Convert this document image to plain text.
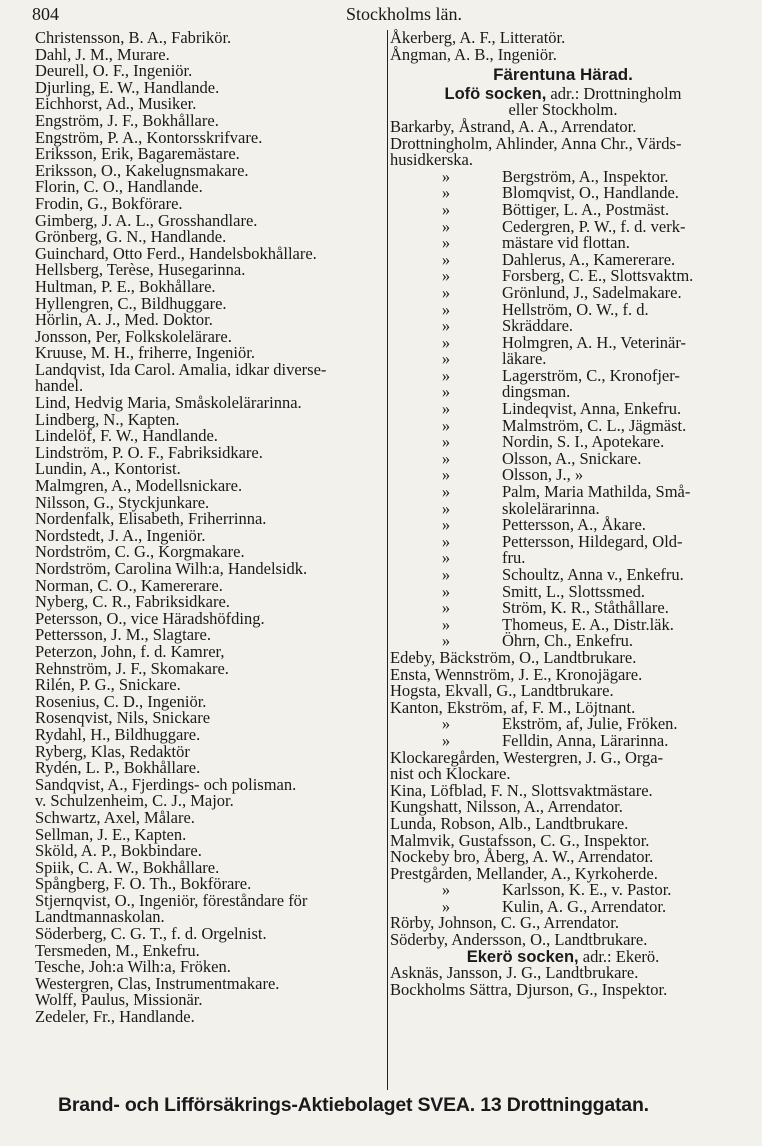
804	Stockholms län.
Christensson, B. A., Fabrikör.
Dahl, J. M., Murare.
Deurell, O. F., Ingeniör.
Djurling, E. W., Handlande.
Eichhorst, Ad., Musiker.
Engström, J. F., Bokhållare.
Engström, P. A., Kontorsskrifvare.
Eriksson, Erik, Bagaremästare.
Eriksson, O., Kakelugnsmakare.
Florin, C. O., Handlande.
Frodin, G., Bokförare.
Gimberg, J. A. L., Grosshandlare.
Grönberg, G. N., Handlande.
Guinchard, Otto Ferd., Handelsbokhållare.
Hellsberg, Terèse, Husegarinna.
Hultman, P. E., Bokhållare.
Hyllengren, C., Bildhuggare.
Hörlin, A. J., Med. Doktor.
Jonsson, Per, Folkskolelärare.
Kruuse, M. H., friherre, Ingeniör.
Landqvist, Ida Carol. Amalia, idkar diverse-
handel.
Lind, Hedvig Maria, Småskolelärarinna.
Lindberg, N., Kapten.
Lindelöf, F. W., Handlande.
Lindström, P. O. F., Fabriksidkare.
Lundin, A., Kontorist.
Malmgren, A., Modellsnickare.
Nilsson, G., Styckjunkare.
Nordenfalk, Elisabeth, Friherrinna.
Nordstedt, J. A., Ingeniör.
Nordström, C. G., Korgmakare.
Nordström, Carolina Wilh:a, Handelsidk.
Norman, C. O., Kamererare.
Nyberg, C. R., Fabriksidkare.
Petersson, O., vice Häradshöfding.
Pettersson, J. M., Slagtare.
Peterzon, John, f. d. Kamrer,
Rehnström, J. F., Skomakare.
Rilén, P. G., Snickare.
Rosenius, C. D., Ingeniör.
Rosenqvist, Nils, Snickare
Rydahl, H., Bildhuggare.
Ryberg, Klas, Redaktör
Rydén, L. P., Bokhållare.
Sandqvist, A., Fjerdings- och polisman.
v. Schulzenheim, C. J., Major.
Schwartz, Axel, Målare.
Sellman, J. E., Kapten.
Sköld, A. P., Bokbindare.
Spiik, C. A. W., Bokhållare.
Spångberg, F. O. Th., Bokförare.
Stjernqvist, O., Ingeniör, föreståndare för
Landtmannaskolan.
Söderberg, C. G. T., f. d. Orgelnist.
Tersmeden, M., Enkefru.
Tesche, Joh:a Wilh:a, Fröken.
Westergren, Clas, Instrumentmakare.
Wolff, Paulus, Missionär.
Zedeler, Fr., Handlande.
Åkerberg, A. F., Litteratör.
Ångman, A. B., Ingeniör.
Färentuna Härad.
Lofö socken, adr.: Drottningholm
eller Stockholm.
Barkarby, Åstrand, A. A., Arrendator.
Drottningholm, Ahlinder, Anna Chr., Värds-
husidkerska.
»	Bergström, A., Inspektor.
»	Blomqvist, O., Handlande.
»	Böttiger, L. A., Postmäst.
»	Cedergren, P. W., f. d. verk-
»	mästare vid flottan.
»	Dahlerus, A., Kamererare.
»	Forsberg, C. E., Slottsvaktm.
»	Grönlund, J., Sadelmakare.
»	Hellström, O. W., f. d.
»	Skräddare.
»	Holmgren, A. H., Veterinär-
»	läkare.
»	Lagerström, C., Kronofjer-
»	dingsman.
»	Lindeqvist, Anna, Enkefru.
»	Malmström, C. L., Jägmäst.
»	Nordin, S. I., Apotekare.
»	Olsson, A., Snickare.
»	Olsson, J., »
»	Palm, Maria Mathilda, Små-
»	skolelärarinna.
»	Pettersson, A., Åkare.
»	Pettersson, Hildegard, Old-
»	fru.
»	Schoultz, Anna v., Enkefru.
»	Smitt, L., Slottssmed.
»	Ström, K. R., Ståthållare.
»	Thomeus, E. A., Distr.läk.
»	Öhrn, Ch., Enkefru.
Edeby, Bäckström, O., Landtbrukare.
Ensta, Wennström, J. E., Kronojägare.
Hogsta, Ekvall, G., Landtbrukare.
Kanton, Ekström, af, F. M., Löjtnant.
»	Ekström, af, Julie, Fröken.
»	Felldin, Anna, Lärarinna.
Klockaregården, Westergren, J. G., Orga-
nist och Klockare.
Kina, Löfblad, F. N., Slottsvaktmästare.
Kungshatt, Nilsson, A., Arrendator.
Lunda, Robson, Alb., Landtbrukare.
Malmvik, Gustafsson, C. G., Inspektor.
Nockeby bro, Åberg, A. W., Arrendator.
Prestgården, Mellander, A., Kyrkoherde.
»	Karlsson, K. E., v. Pastor.
»	Kulin, A. G., Arrendator.
Rörby, Johnson, C. G., Arrendator.
Söderby, Andersson, O., Landtbrukare.
Ekerö socken, adr.: Ekerö.
Asknäs, Jansson, J. G., Landtbrukare.
Bockholms Sättra, Djurson, G., Inspektor.
Brand- och Lifförsäkrings-Aktiebolaget SVEA. 13 Drottninggatan.
